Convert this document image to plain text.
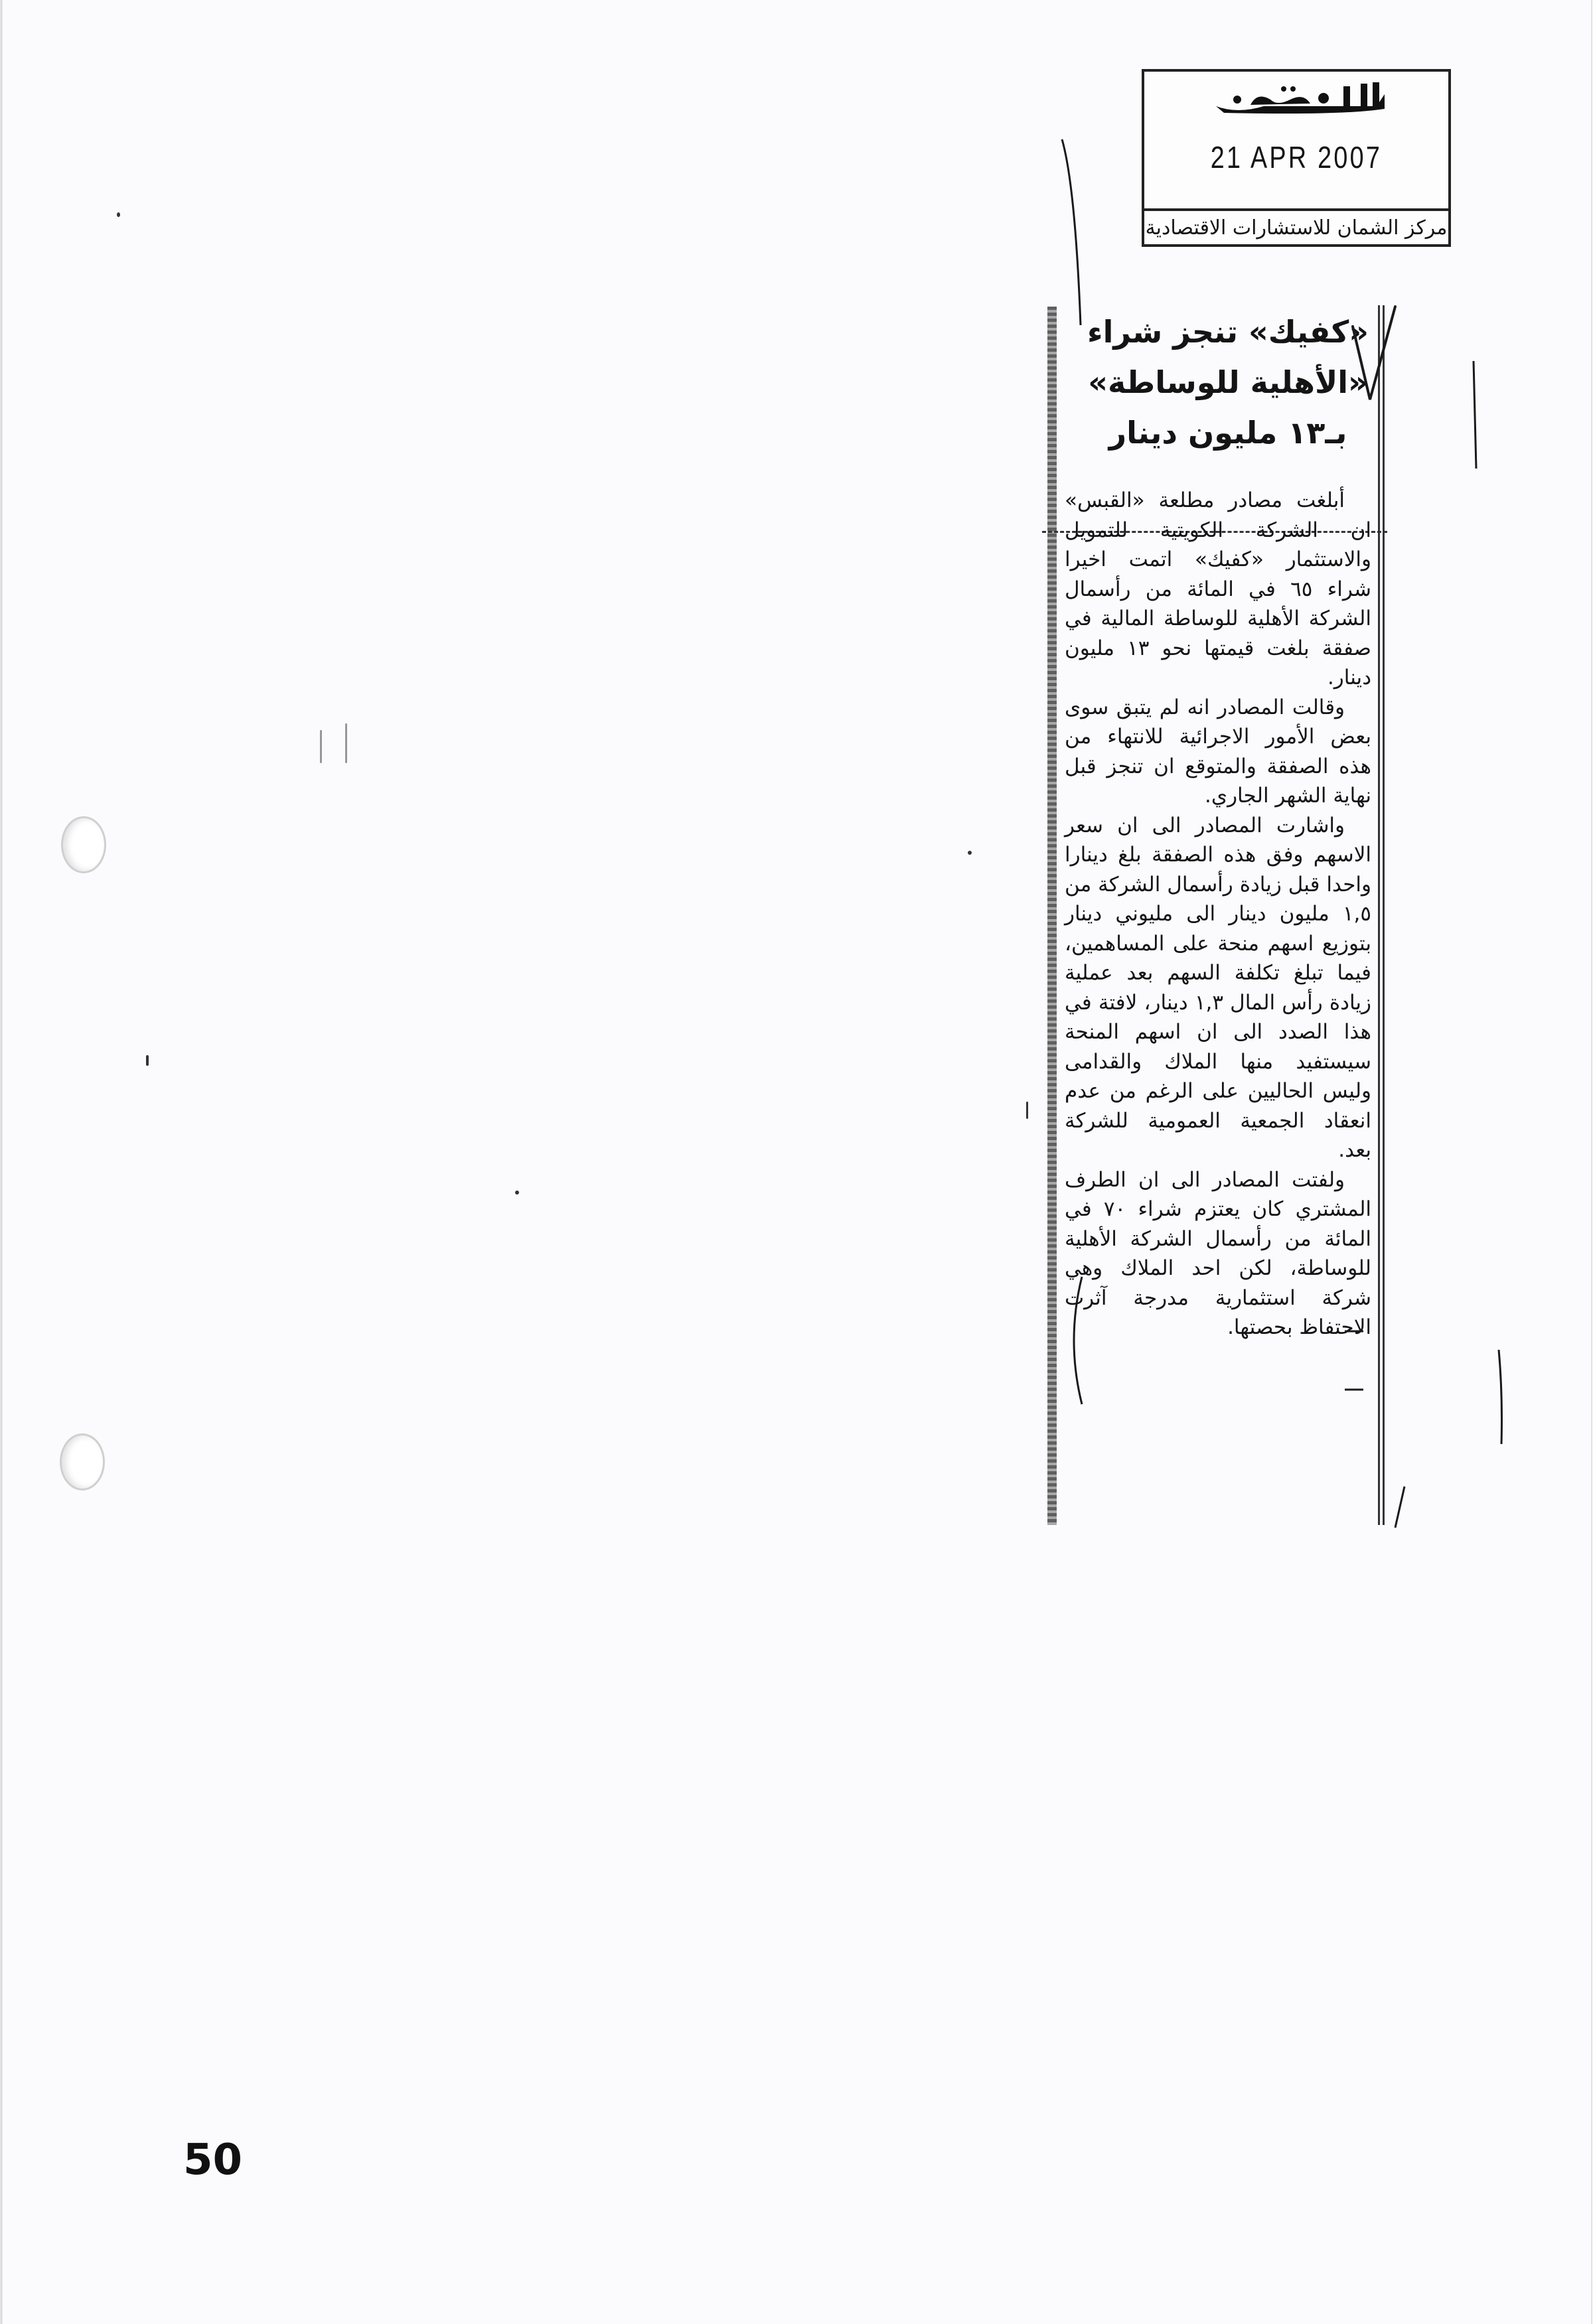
21 APR 2007
مركز الشمان للاستشارات الاقتصادية
«كفيك» تنجز شراء
«الأهلية للوساطة»
بـ١٣ مليون دينار

أبلغت مصادر مطلعة «القبس» ان الشركة الكويتية للتمويل والاستثمار «كفيك» اتمت اخيرا شراء ٦٥ في المائة من رأسمال الشركة الأهلية للوساطة المالية في صفقة بلغت قيمتها نحو ١٣ مليون دينار.

وقالت المصادر انه لم يتبق سوى بعض الأمور الاجرائية للانتهاء من هذه الصفقة والمتوقع ان تنجز قبل نهاية الشهر الجاري.

واشارت المصادر الى ان سعر الاسهم وفق هذه الصفقة بلغ دينارا واحدا قبل زيادة رأسمال الشركة من ١,٥ مليون دينار الى مليوني دينار بتوزيع اسهم منحة على المساهمين، فيما تبلغ تكلفة السهم بعد عملية زيادة رأس المال ١,٣ دينار، لافتة في هذا الصدد الى ان اسهم المنحة سيستفيد منها الملاك والقدامى وليس الحاليين على الرغم من عدم انعقاد الجمعية العمومية للشركة بعد.

ولفتت المصادر الى ان الطرف المشتري كان يعتزم شراء ٧٠ في المائة من رأسمال الشركة الأهلية للوساطة، لكن احد الملاك وهي شركة استثمارية مدرجة آثرت الاحتفاظ بحصتها.

50
